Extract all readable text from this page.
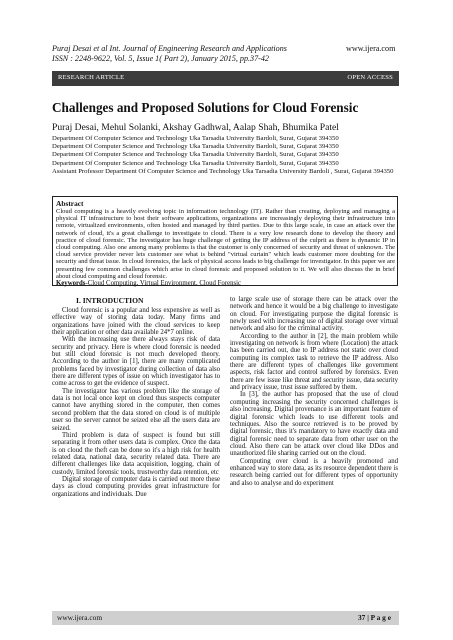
Puraj Desai et al Int. Journal of Engineering Research and Applications	www.ijera.com
ISSN : 2248-9622, Vol. 5, Issue 1( Part 2), January 2015, pp.37-42
RESEARCH ARTICLE	OPEN ACCESS
Challenges and Proposed Solutions for Cloud Forensic
Puraj Desai, Mehul Solanki, Akshay Gadhwal, Aalap Shah, Bhumika Patel
Department Of Computer Science and Technology Uka Tarsadia University Bardoli, Surat, Gujarat 394350
Department Of Computer Science and Technology Uka Tarsadia University Bardoli, Surat, Gujarat 394350
Department Of Computer Science and Technology Uka Tarsadia University Bardoli, Surat, Gujarat 394350
Department Of Computer Science and Technology Uka Tarsadia University Bardoli, Surat, Gujarat 394350
Assistant Professor Department Of Computer Science and Technology Uka Tarsadia University Bardoli , Surat, Gujarat 394350
Abstract
Cloud computing is a heavily evolving topic in information technology (IT). Rather than creating, deploying and managing a physical IT infrastructure to host their software applications, organizations are increasingly deploying their infrastructure into remote, virtualized environments, often hosted and managed by third parties. Due to this large scale, in case an attack over the network of cloud, it's a great challenge to investigate to cloud. There is a very low research done to develop the theory and practice of cloud forensic. The investigator has huge challenge of getting the IP address of the culprit as there is dynamic IP in cloud computing. Also one among many problems is that the customer is only concerned of security and threat of unknown. The cloud service provider never lets customer see what is behind "virtual curtain" which leads customer more doubting for the security and threat issue. In cloud forensics, the lack of physical access leads to big challenge for investigator. In this paper we are presenting few common challenges which arise in cloud forensic and proposed solution to it. We will also discuss the in brief about cloud computing and cloud forensic.
Keywords-Cloud Computing, Virtual Environment, Cloud Forensic
I. INTRODUCTION

Cloud forensic is a popular and less expensive as well as effective way of storing data today. Many firms and organizations have joined with the cloud services to keep their application or other data available 24*7 online.

With the increasing use there always stays risk of data security and privacy. Here is where cloud forensic is needed but still cloud forensic is not much developed theory. According to the author in [1], there are many complicated problems faced by investigator during collection of data also there are different types of issue on which investigator has to come across to get the evidence of suspect.

The investigator has various problem like the storage of data is not local once kept on cloud thus suspects computer cannot have anything stored in the computer, then comes second problem that the data stored on cloud is of multiple user so the server cannot be seized else all the users data are seized.

Third problem is data of suspect is found but still separating it from other users data is complex. Once the data is on cloud the theft can be done so it's a high risk for health related data, national data, security related data. There are different challenges like data acquisition, logging, chain of custody, limited forensic tools, trustworthy data retention, etc

Digital storage of computer data is carried out more these days as cloud computing provides great infrastructure for organizations and individuals. Due

to large scale use of storage there can be attack over the network and hence it would be a big challenge to investigate on cloud. For investigating purpose the digital forensic is newly used with increasing use of digital storage over virtual network and also for the criminal activity.

According to the author in [2], the main problem while investigating on network is from where (Location) the attack has been carried out, due to IP address not static over cloud computing its complex task to retrieve the IP address. Also there are different types of challenges like government aspects, risk factor and control suffered by forensics. Even there are few issue like threat and security issue, data security and privacy issue, trust issue suffered by them.

In [3], the author has proposed that the use of cloud computing increasing the security concerned challenges is also increasing. Digital provenance is an important feature of digital forensic which leads to use different tools and techniques. Also the source retrieved is to be proved by digital forensic, thus it's mandatory to have exactly data and digital forensic need to separate data from other user on the cloud. Also there can be attack over cloud like DDos and unauthorized file sharing carried out on the cloud.

Computing over cloud is a heavily promoted and enhanced way to store data, as its resource dependent there is research being carried out for different types of opportunity and also to analyse and do experiment

www.ijera.com	37 | P a g e
